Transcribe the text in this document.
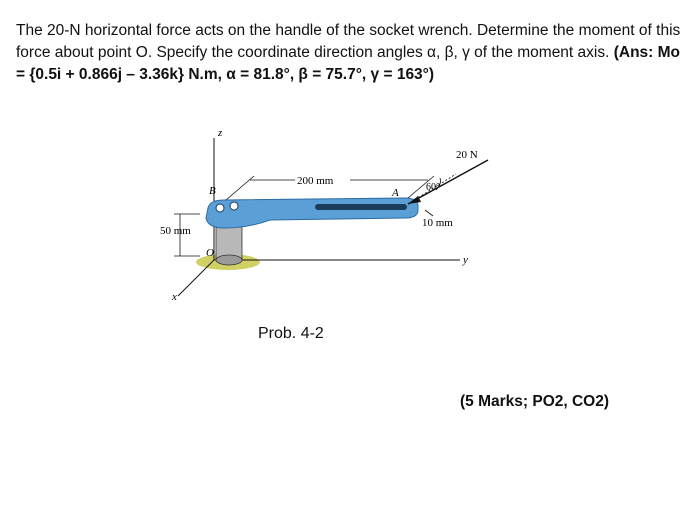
The 20-N horizontal force acts on the handle of the socket wrench. Determine the moment of this force about point O. Specify the coordinate direction angles α, β, γ of the moment axis. (Ans: Mo = {0.5i + 0.866j – 3.36k} N.m, α = 81.8°, β = 75.7°, γ = 163°)

z
x
y
50 mm
200 mm
B
O
A
20 N
60°
10 mm
Prob. 4-2
(5 Marks; PO2, CO2)
